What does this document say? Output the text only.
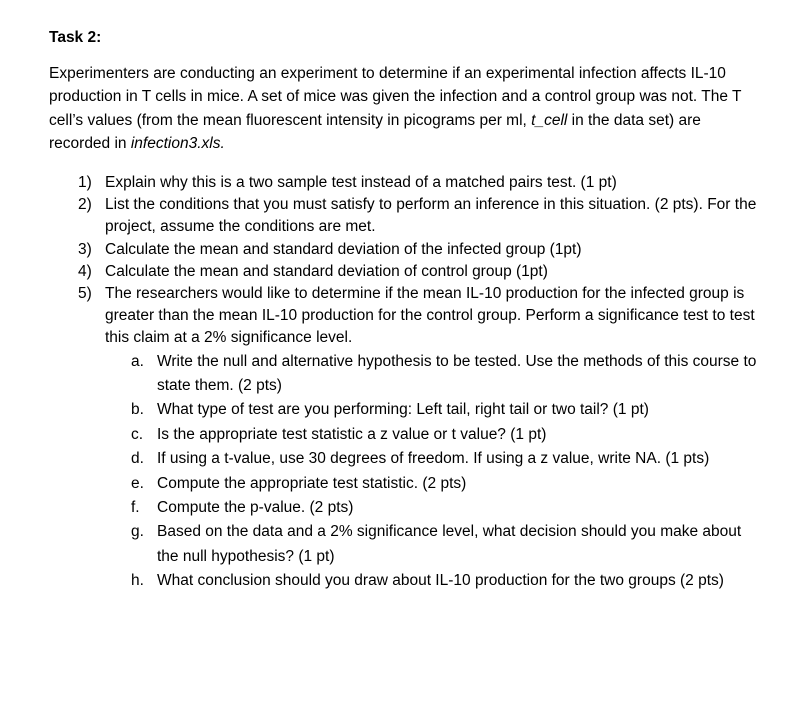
Task 2:

Experimenters are conducting an experiment to determine if an experimental infection affects IL-10 production in T cells in mice. A set of mice was given the infection and a control group was not. The T cell’s values (from the mean fluorescent intensity in picograms per ml, t_cell in the data set) are recorded in infection3.xls.

1) Explain why this is a two sample test instead of a matched pairs test. (1 pt)
2) List the conditions that you must satisfy to perform an inference in this situation. (2 pts). For the project, assume the conditions are met.
3) Calculate the mean and standard deviation of the infected group (1pt)
4) Calculate the mean and standard deviation of control group (1pt)
5) The researchers would like to determine if the mean IL-10 production for the infected group is greater than the mean IL-10 production for the control group. Perform a significance test to test this claim at a 2% significance level.
a. Write the null and alternative hypothesis to be tested. Use the methods of this course to state them. (2 pts)
b. What type of test are you performing: Left tail, right tail or two tail? (1 pt)
c. Is the appropriate test statistic a z value or t value? (1 pt)
d. If using a t-value, use 30 degrees of freedom. If using a z value, write NA. (1 pts)
e. Compute the appropriate test statistic. (2 pts)
f. Compute the p-value. (2 pts)
g. Based on the data and a 2% significance level, what decision should you make about the null hypothesis? (1 pt)
h. What conclusion should you draw about IL-10 production for the two groups (2 pts)
